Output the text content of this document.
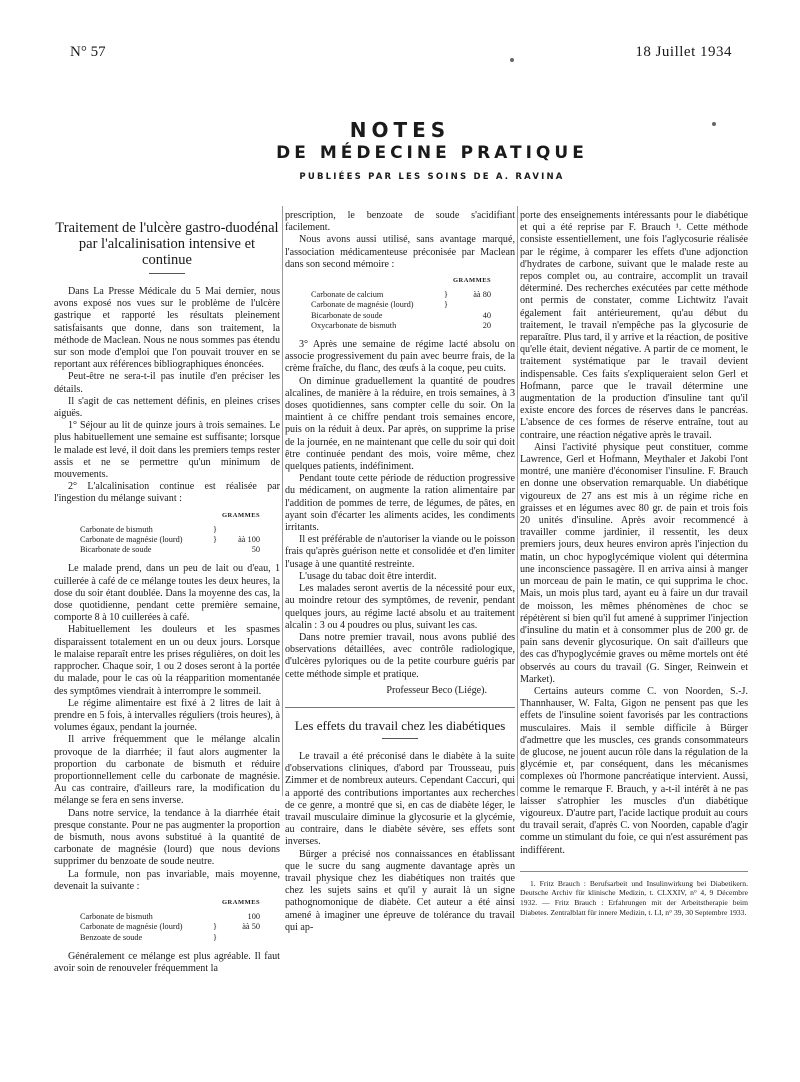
N° 57	18 Juillet 1934
NOTES
DE MÉDECINE PRATIQUE
PUBLIÉES PAR LES SOINS DE A. RAVINA
Traitement de l'ulcère gastro-duodénal par l'alcalinisation intensive et continue

Dans La Presse Médicale du 5 Mai dernier, nous avons exposé nos vues sur le problème de l'ulcère gastrique et rapporté les résultats pleinement satisfaisants que donne, dans son traitement, la méthode de Maclean. Nous ne nous sommes pas étendu sur son mode d'emploi que l'on pouvait trouver en se reportant aux références bibliographiques énoncées.

Peut-être ne sera-t-il pas inutile d'en préciser les détails.

Il s'agit de cas nettement définis, en pleines crises aiguës.

1° Séjour au lit de quinze jours à trois semaines. Le plus habituellement une semaine est suffisante; lorsque le malade est levé, il doit dans les premiers temps rester assis et ne se permettre qu'un minimum de mouvements.

2° L'alcalinisation continue est réalisée par l'ingestion du mélange suivant :

GRAMMES
Carbonate de bismuth	}
Carbonate de magnésie (lourd)	}	àà 100
Bicarbonate de soude	50

Le malade prend, dans un peu de lait ou d'eau, 1 cuillerée à café de ce mélange toutes les deux heures, la dose du soir étant doublée. Dans la moyenne des cas, la dose quotidienne, pendant cette première semaine, comporte 8 à 10 cuillerées à café.

Habituellement les douleurs et les spasmes disparaissent totalement en un ou deux jours. Lorsque le malaise reparaît entre les prises régulières, on doit les rapprocher. Chaque soir, 1 ou 2 doses seront à la portée du malade, pour le cas où la réapparition momentanée des symptômes viendrait à interrompre le sommeil.

Le régime alimentaire est fixé à 2 litres de lait à prendre en 5 fois, à intervalles réguliers (trois heures), à volumes égaux, pendant la journée.

Il arrive fréquemment que le mélange alcalin provoque de la diarrhée; il faut alors augmenter la proportion du carbonate de bismuth et réduire proportionnellement celle du carbonate de magnésie. Au cas contraire, d'ailleurs rare, la modification du mélange se fera en sens inverse.

Dans notre service, la tendance à la diarrhée était presque constante. Pour ne pas augmenter la proportion de bismuth, nous avons substitué à la quantité de carbonate de magnésie (lourd) que nous devions supprimer du benzoate de soude neutre.

La formule, non pas invariable, mais moyenne, devenait la suivante :

GRAMMES
Carbonate de bismuth	100
Carbonate de magnésie (lourd)	}	àà 50
Benzoate de soude	}

Généralement ce mélange est plus agréable. Il faut avoir soin de renouveler fréquemment la

prescription, le benzoate de soude s'acidifiant facilement.

Nous avons aussi utilisé, sans avantage marqué, l'association médicamenteuse préconisée par Maclean dans son second mémoire :

GRAMMES
Carbonate de calcium	}	àà 80
Carbonate de magnésie (lourd)	}
Bicarbonate de soude	40
Oxycarbonate de bismuth	20

3° Après une semaine de régime lacté absolu on associe progressivement du pain avec beurre frais, de la crème fraîche, du flanc, des œufs à la coque, peu cuits.

On diminue graduellement la quantité de poudres alcalines, de manière à la réduire, en trois semaines, à 3 doses quotidiennes, sans compter celle du soir. On la maintient à ce chiffre pendant trois semaines encore, puis on la réduit à deux. Par après, on supprime la prise de la journée, en ne maintenant que celle du soir qui doit être continuée pendant des mois, voire même, chez quelques patients, indéfiniment.

Pendant toute cette période de réduction progressive du médicament, on augmente la ration alimentaire par l'addition de pommes de terre, de légumes, de pâtes, en ayant soin d'écarter les aliments acides, les condiments irritants.

Il est préférable de n'autoriser la viande ou le poisson frais qu'après guérison nette et consolidée et d'en limiter l'usage à une quantité restreinte.

L'usage du tabac doit être interdit.

Les malades seront avertis de la nécessité pour eux, au moindre retour des symptômes, de revenir, pendant quelques jours, au régime lacté absolu et au traitement alcalin : 3 ou 4 poudres ou plus, suivant les cas.

Dans notre premier travail, nous avons publié des observations détaillées, avec contrôle radiologique, d'ulcères pyloriques ou de la petite courbure guéris par cette méthode simple et pratique.

Professeur Beco (Liége).
Les effets du travail chez les diabétiques

Le travail a été préconisé dans le diabète à la suite d'observations cliniques, d'abord par Trousseau, puis Zimmer et de nombreux auteurs. Cependant Caccuri, qui a apporté des contributions importantes aux recherches de ce genre, a montré que si, en cas de diabète léger, le travail musculaire diminue la glycosurie et la glycémie, au contraire, dans le diabète sévère, ses effets sont inverses.

Bürger a précisé nos connaissances en établissant que le sucre du sang augmente davantage après un travail physique chez les diabétiques non traités que chez les sujets sains et qu'il y aurait là un signe pathognomonique de diabète. Cet auteur a été ainsi amené à imaginer une épreuve de tolérance du travail qui ap-

porte des enseignements intéressants pour le diabétique et qui a été reprise par F. Brauch ¹. Cette méthode consiste essentiellement, une fois l'aglycosurie réalisée par le régime, à comparer les effets d'une adjonction d'hydrates de carbone, suivant que le malade reste au repos complet ou, au contraire, accomplit un travail déterminé. Des recherches exécutées par cette méthode ont permis de constater, comme Lichtwitz l'avait également fait antérieurement, qu'au début du traitement, le travail n'empêche pas la glycosurie de reparaître. Plus tard, il y arrive et la réaction, de positive qu'elle était, devient négative. A partir de ce moment, le traitement systématique par le travail devient indispensable. Ces faits s'expliqueraient selon Gerl et Hofmann, parce que le travail détermine une augmentation de la production d'insuline tant qu'il existe encore des forces de réserves dans le pancréas. L'absence de ces formes de réserve entraîne, tout au contraire, une réaction négative après le travail.

Ainsi l'activité physique peut constituer, comme Lawrence, Gerl et Hofmann, Meythaler et Jakobi l'ont montré, une manière d'économiser l'insuline. F. Brauch en donne une observation remarquable. Un diabétique vigoureux de 27 ans est mis à un régime riche en graisses et en légumes avec 80 gr. de pain et trois fois 20 unités d'insuline. Après avoir recommencé à travailler comme jardinier, il ressentit, les deux premiers jours, deux heures environ après l'injection du matin, un choc hypoglycémique violent qui détermina une inconscience passagère. Il en arriva ainsi à manger un morceau de pain le matin, ce qui supprima le choc. Mais, un mois plus tard, ayant eu à faire un dur travail de moisson, les mêmes phénomènes de choc se répétèrent si bien qu'il fut amené à supprimer l'injection d'insuline du matin et à consommer plus de 200 gr. de pain sans devenir glycosurique. On sait d'ailleurs que des cas d'hypoglycémie graves ou même mortels ont été observés au cours du travail (G. Singer, Reinwein et Market).

Certains auteurs comme C. von Noorden, S.-J. Thannhauser, W. Falta, Gigon ne pensent pas que les effets de l'insuline soient favorisés par les contractions musculaires. Mais il semble difficile à Bürger d'admettre que les muscles, ces grands consommateurs de glucose, ne jouent aucun rôle dans la régulation de la glycémie et, par conséquent, dans les mécanismes complexes où l'hormone pancréatique intervient. Aussi, comme le remarque F. Brauch, y a-t-il intérêt à ne pas laisser s'atrophier les muscles d'un diabétique vigoureux. D'autre part, l'acide lactique produit au cours du travail serait, d'après C. von Noorden, capable d'agir comme un stimulant du foie, ce qui n'est assurément pas indifférent.

1. Fritz Brauch : Berufsarbeit und Insulinwirkung bei Diabetikern. Deutsche Archiv für klinische Medizin, t. CLXXIV, n° 4, 9 Décembre 1932. — Fritz Brauch : Erfahrungen mit der Arbeitstherapie beim Diabetes. Zentralblatt für innere Medizin, t. LI, n° 39, 30 Septembre 1933.
